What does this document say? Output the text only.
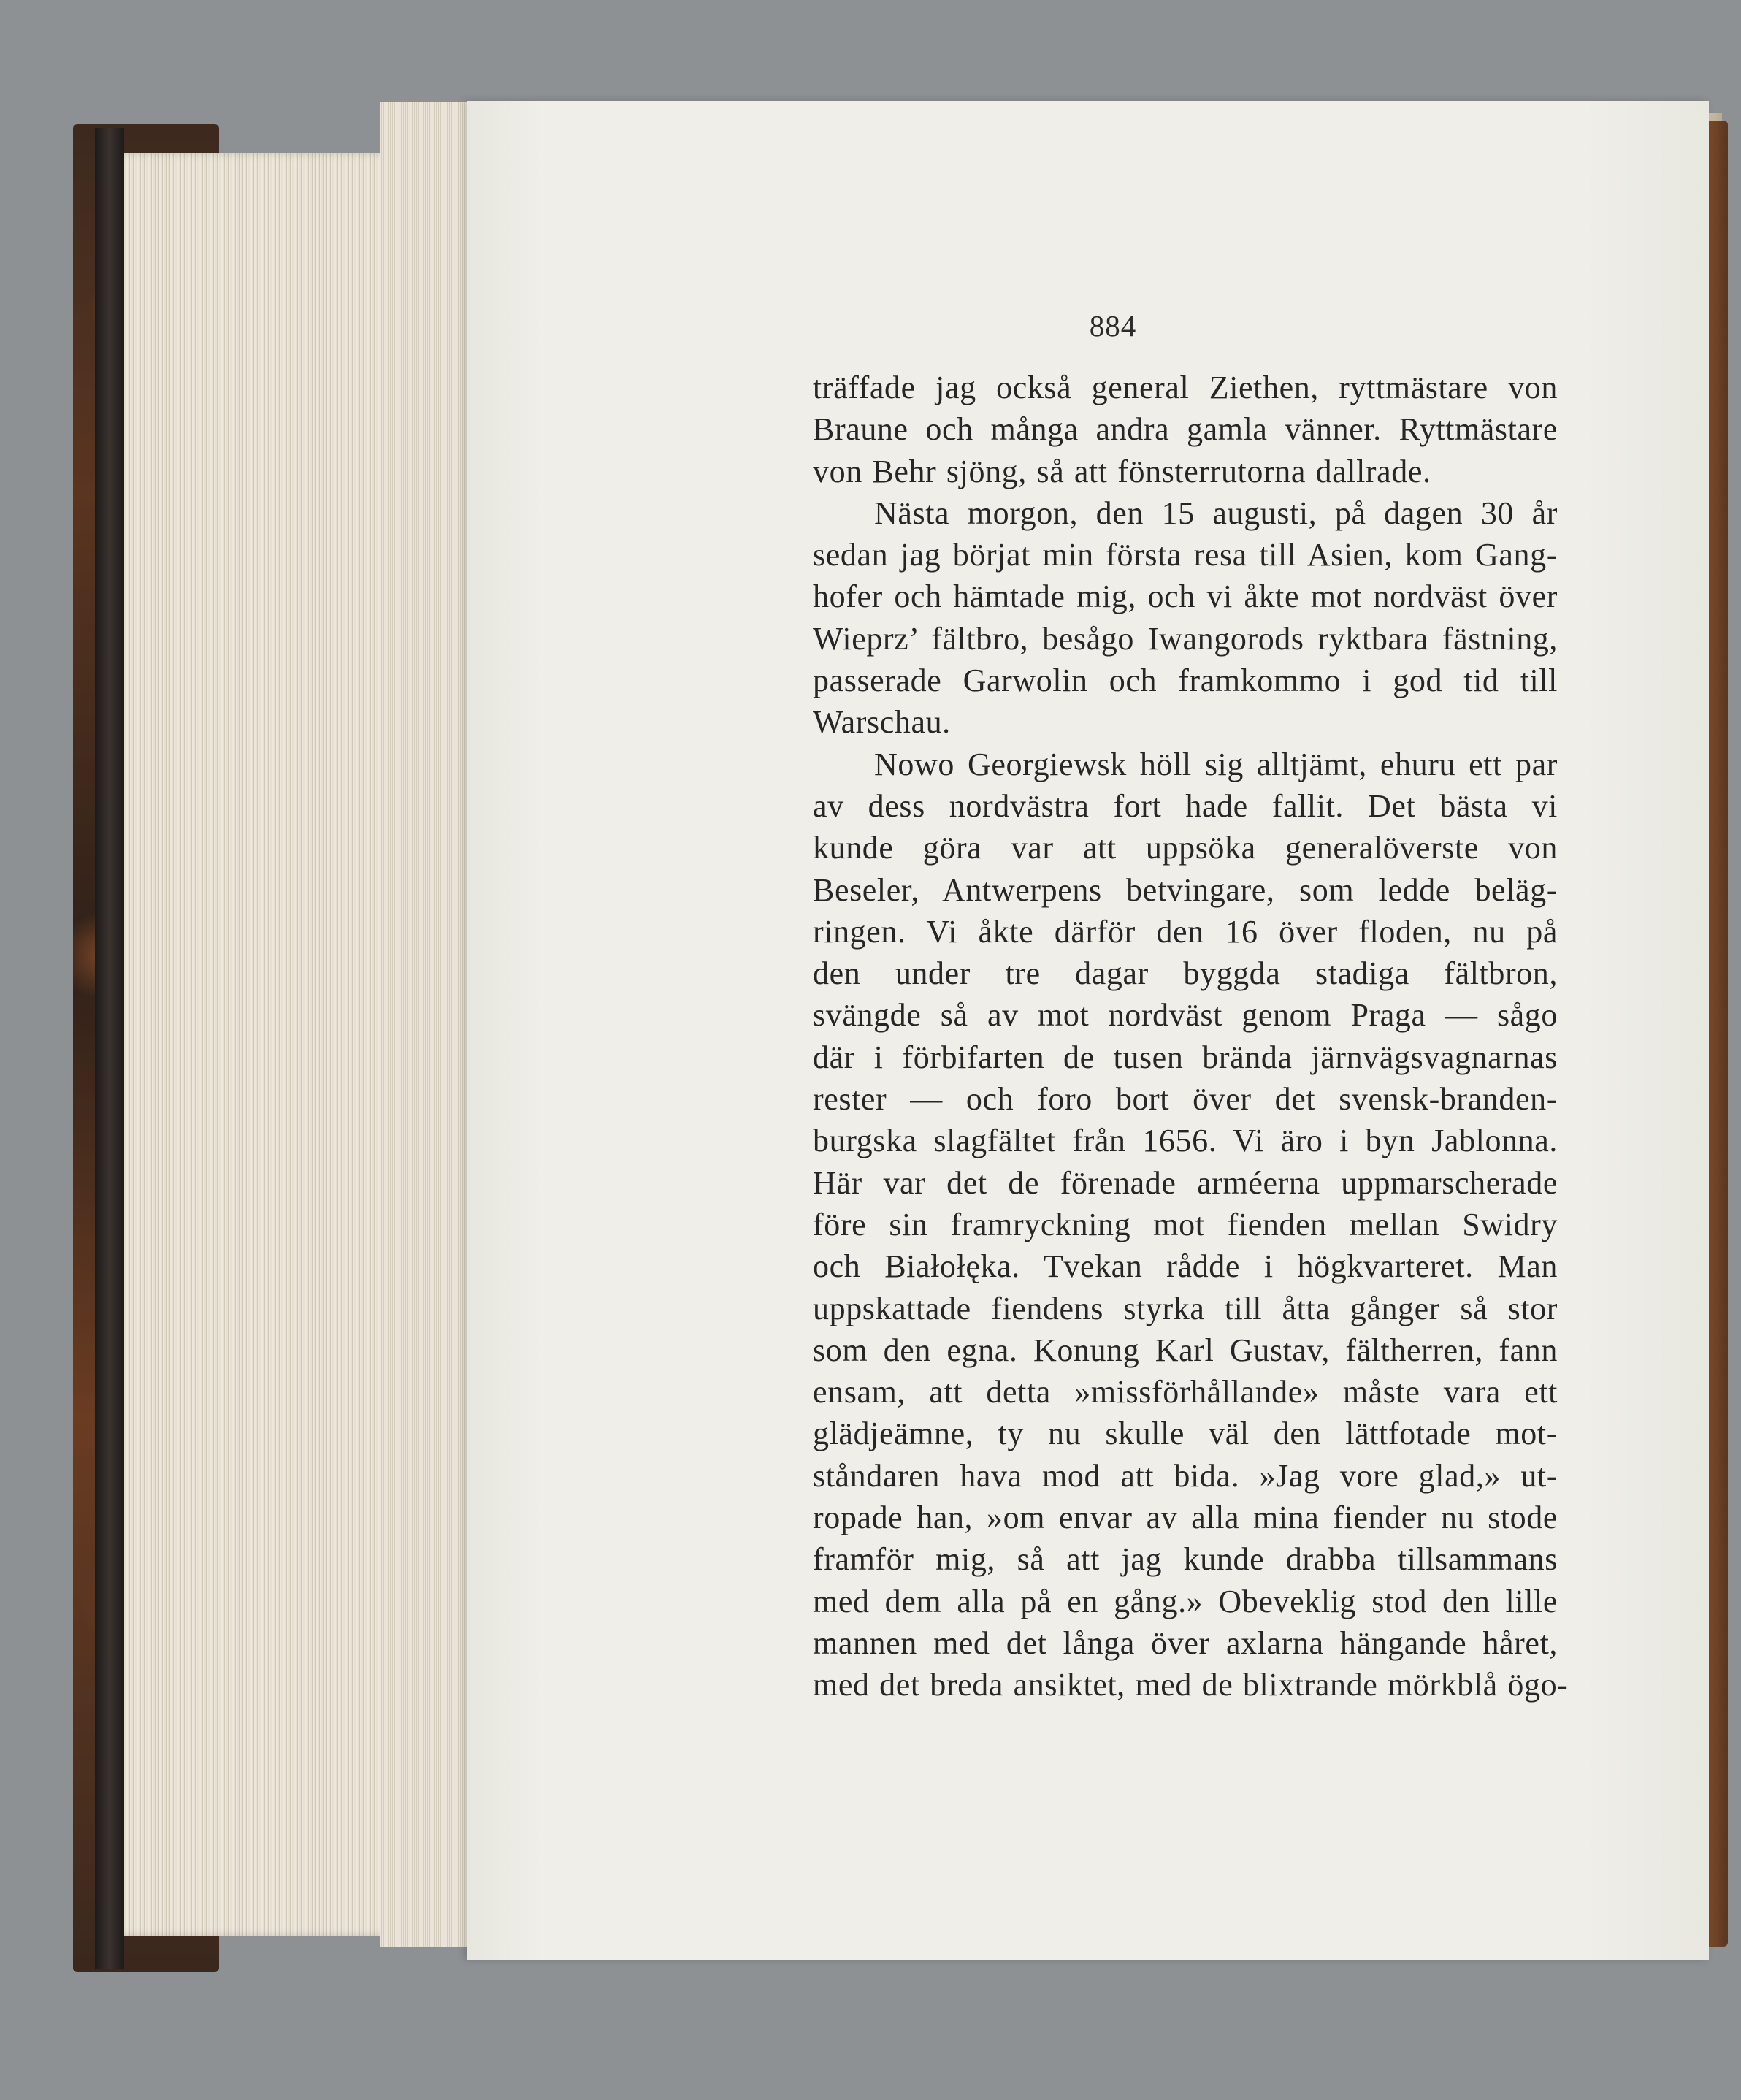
884
träffade jag också general Ziethen, ryttmästare von
Braune och många andra gamla vänner. Ryttmästare
von Behr sjöng, så att fönsterrutorna dallrade.
Nästa morgon, den 15 augusti, på dagen 30 år
sedan jag börjat min första resa till Asien, kom Gang-
hofer och hämtade mig, och vi åkte mot nordväst över
Wieprz’ fältbro, besågo Iwangorods ryktbara fästning,
passerade Garwolin och framkommo i god tid till
Warschau.
Nowo Georgiewsk höll sig alltjämt, ehuru ett par
av dess nordvästra fort hade fallit. Det bästa vi
kunde göra var att uppsöka generalöverste von
Beseler, Antwerpens betvingare, som ledde beläg-
ringen. Vi åkte därför den 16 över floden, nu på
den under tre dagar byggda stadiga fältbron,
svängde så av mot nordväst genom Praga — sågo
där i förbifarten de tusen brända järnvägsvagnarnas
rester — och foro bort över det svensk-branden-
burgska slagfältet från 1656. Vi äro i byn Jablonna.
Här var det de förenade arméerna uppmarscherade
före sin framryckning mot fienden mellan Swidry
och Białołęka. Tvekan rådde i högkvarteret. Man
uppskattade fiendens styrka till åtta gånger så stor
som den egna. Konung Karl Gustav, fältherren, fann
ensam, att detta »missförhållande» måste vara ett
glädjeämne, ty nu skulle väl den lättfotade mot-
ståndaren hava mod att bida. »Jag vore glad,» ut-
ropade han, »om envar av alla mina fiender nu stode
framför mig, så att jag kunde drabba tillsammans
med dem alla på en gång.» Obeveklig stod den lille
mannen med det långa över axlarna hängande håret,
med det breda ansiktet, med de blixtrande mörkblå ögo-
